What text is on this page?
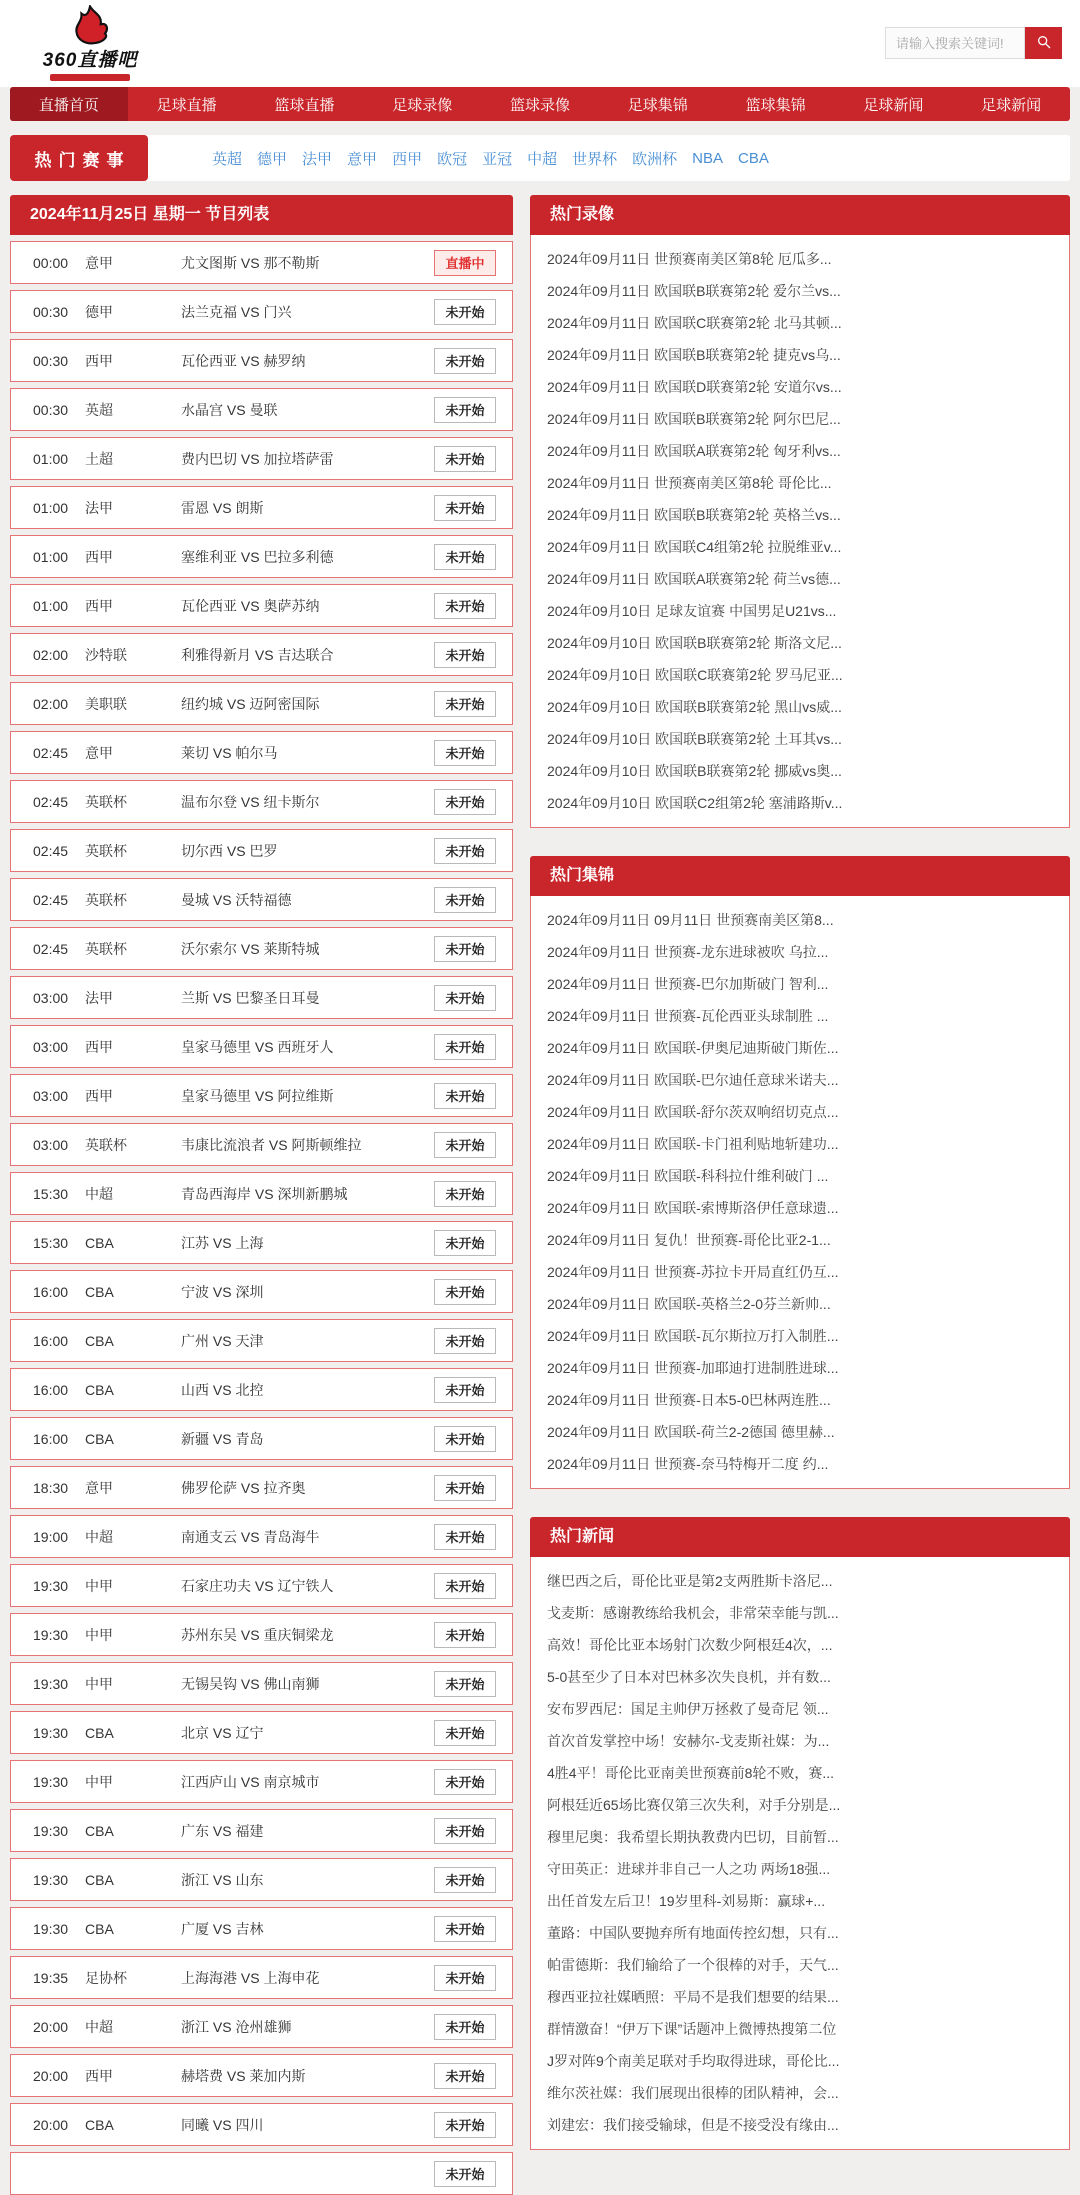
360直播吧
请输入搜索关键词!
直播首页	足球直播	篮球直播	足球录像	篮球录像	足球集锦	篮球集锦	足球新闻	足球新闻
热门赛事	英超 德甲 法甲 意甲 西甲 欧冠 亚冠 中超 世界杯 欧洲杯 NBA CBA
2024年11月25日 星期一 节目列表
00:00	意甲	尤文图斯 VS 那不勒斯	直播中
00:30	德甲	法兰克福 VS 门兴	未开始
00:30	西甲	瓦伦西亚 VS 赫罗纳	未开始
00:30	英超	水晶宫 VS 曼联	未开始
01:00	土超	费内巴切 VS 加拉塔萨雷	未开始
01:00	法甲	雷恩 VS 朗斯	未开始
01:00	西甲	塞维利亚 VS 巴拉多利德	未开始
01:00	西甲	瓦伦西亚 VS 奥萨苏纳	未开始
02:00	沙特联	利雅得新月 VS 吉达联合	未开始
02:00	美职联	纽约城 VS 迈阿密国际	未开始
02:45	意甲	莱切 VS 帕尔马	未开始
02:45	英联杯	温布尔登 VS 纽卡斯尔	未开始
02:45	英联杯	切尔西 VS 巴罗	未开始
02:45	英联杯	曼城 VS 沃特福德	未开始
02:45	英联杯	沃尔索尔 VS 莱斯特城	未开始
03:00	法甲	兰斯 VS 巴黎圣日耳曼	未开始
03:00	西甲	皇家马德里 VS 西班牙人	未开始
03:00	西甲	皇家马德里 VS 阿拉维斯	未开始
03:00	英联杯	韦康比流浪者 VS 阿斯顿维拉	未开始
15:30	中超	青岛西海岸 VS 深圳新鹏城	未开始
15:30	CBA	江苏 VS 上海	未开始
16:00	CBA	宁波 VS 深圳	未开始
16:00	CBA	广州 VS 天津	未开始
16:00	CBA	山西 VS 北控	未开始
16:00	CBA	新疆 VS 青岛	未开始
18:30	意甲	佛罗伦萨 VS 拉齐奥	未开始
19:00	中超	南通支云 VS 青岛海牛	未开始
19:30	中甲	石家庄功夫 VS 辽宁铁人	未开始
19:30	中甲	苏州东吴 VS 重庆铜梁龙	未开始
19:30	中甲	无锡吴钩 VS 佛山南狮	未开始
19:30	CBA	北京 VS 辽宁	未开始
19:30	中甲	江西庐山 VS 南京城市	未开始
19:30	CBA	广东 VS 福建	未开始
19:30	CBA	浙江 VS 山东	未开始
19:30	CBA	广厦 VS 吉林	未开始
19:35	足协杯	上海海港 VS 上海申花	未开始
20:00	中超	浙江 VS 沧州雄狮	未开始
20:00	西甲	赫塔费 VS 莱加内斯	未开始
20:00	CBA	同曦 VS 四川	未开始
未开始
热门录像
2024年09月11日 世预赛南美区第8轮 厄瓜多...
2024年09月11日 欧国联B联赛第2轮 爱尔兰vs...
2024年09月11日 欧国联C联赛第2轮 北马其顿...
2024年09月11日 欧国联B联赛第2轮 捷克vs乌...
2024年09月11日 欧国联D联赛第2轮 安道尔vs...
2024年09月11日 欧国联B联赛第2轮 阿尔巴尼...
2024年09月11日 欧国联A联赛第2轮 匈牙利vs...
2024年09月11日 世预赛南美区第8轮 哥伦比...
2024年09月11日 欧国联B联赛第2轮 英格兰vs...
2024年09月11日 欧国联C4组第2轮 拉脱维亚v...
2024年09月11日 欧国联A联赛第2轮 荷兰vs德...
2024年09月10日 足球友谊赛 中国男足U21vs...
2024年09月10日 欧国联B联赛第2轮 斯洛文尼...
2024年09月10日 欧国联C联赛第2轮 罗马尼亚...
2024年09月10日 欧国联B联赛第2轮 黑山vs威...
2024年09月10日 欧国联B联赛第2轮 土耳其vs...
2024年09月10日 欧国联B联赛第2轮 挪威vs奥...
2024年09月10日 欧国联C2组第2轮 塞浦路斯v...
热门集锦
2024年09月11日 09月11日 世预赛南美区第8...
2024年09月11日 世预赛-龙东进球被吹 乌拉...
2024年09月11日 世预赛-巴尔加斯破门 智利...
2024年09月11日 世预赛-瓦伦西亚头球制胜 ...
2024年09月11日 欧国联-伊奥尼迪斯破门斯佐...
2024年09月11日 欧国联-巴尔迪任意球米诺夫...
2024年09月11日 欧国联-舒尔茨双响绍切克点...
2024年09月11日 欧国联-卡门祖利贴地斩建功...
2024年09月11日 欧国联-科科拉什维利破门 ...
2024年09月11日 欧国联-索博斯洛伊任意球遗...
2024年09月11日 复仇！世预赛-哥伦比亚2-1...
2024年09月11日 世预赛-苏拉卡开局直红仍互...
2024年09月11日 欧国联-英格兰2-0芬兰新帅...
2024年09月11日 欧国联-瓦尔斯拉万打入制胜...
2024年09月11日 世预赛-加耶迪打进制胜进球...
2024年09月11日 世预赛-日本5-0巴林两连胜...
2024年09月11日 欧国联-荷兰2-2德国 德里赫...
2024年09月11日 世预赛-奈马特梅开二度 约...
热门新闻
继巴西之后，哥伦比亚是第2支两胜斯卡洛尼...
戈麦斯：感谢教练给我机会，非常荣幸能与凯...
高效！哥伦比亚本场射门次数少阿根廷4次，...
5-0甚至少了日本对巴林多次失良机，并有数...
安布罗西尼：国足主帅伊万拯救了曼奇尼 领...
首次首发掌控中场！安赫尔-戈麦斯社媒：为...
4胜4平！哥伦比亚南美世预赛前8轮不败，赛...
阿根廷近65场比赛仅第三次失利，对手分别是...
穆里尼奥：我希望长期执教费内巴切，目前暂...
守田英正：进球并非自己一人之功 两场18强...
出任首发左后卫！19岁里科-刘易斯：赢球+...
董路：中国队要抛弃所有地面传控幻想，只有...
帕雷德斯：我们输给了一个很棒的对手，天气...
穆西亚拉社媒晒照：平局不是我们想要的结果...
群情激奋！“伊万下课”话题冲上微博热搜第二位
J罗对阵9个南美足联对手均取得进球，哥伦比...
维尔茨社媒：我们展现出很棒的团队精神，会...
刘建宏：我们接受输球，但是不接受没有缘由...
